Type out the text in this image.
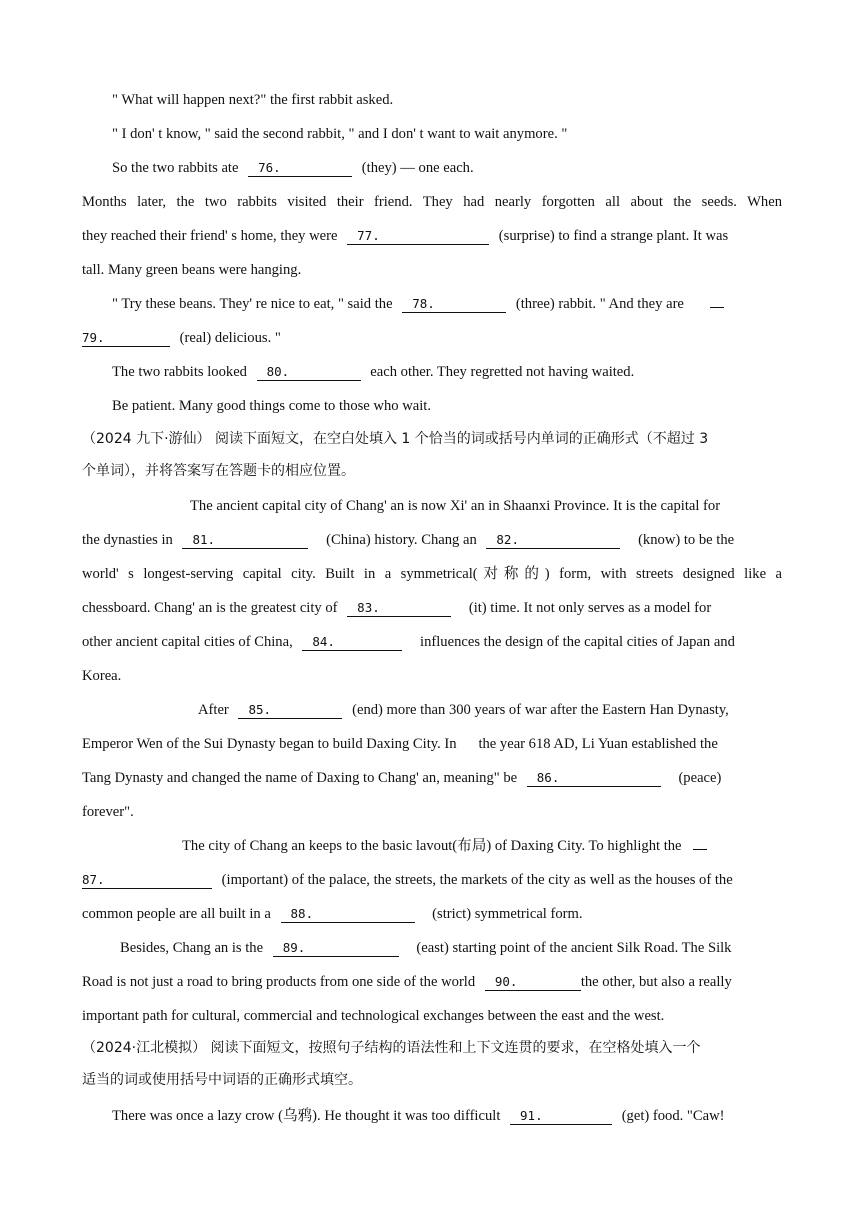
" What will happen next?" the first rabbit asked.
" I don' t know, " said the second rabbit, " and I don' t want to wait anymore. "
So the two rabbits ate 76.	(they) — one each.
Months later, the two rabbits visited their friend. They had nearly forgotten all about the seeds. When
they reached their friend' s home, they were 77.	(surprise) to find a strange plant. It was
tall. Many green beans were hanging.
" Try these beans. They' re nice to eat, " said the 78.	(three) rabbit. " And they are
79.	(real) delicious. "
The two rabbits looked 80.	each other. They regretted not having waited.
Be patient. Many good things come to those who wait.
（2024 九下·游仙） 阅读下面短文，在空白处填入 1 个恰当的词或括号内单词的正确形式（不超过 3
个单词），并将答案写在答题卡的相应位置。
The ancient capital city of Chang' an is now Xi' an in Shaanxi Province. It is the capital for
the dynasties in 81.	(China) history. Chang an 82.	(know) to be the
world' s longest-serving capital city. Built in a symmetrical(对称的) form, with streets designed like a
chessboard. Chang' an is the greatest city of 83.	(it) time. It not only serves as a model for
other ancient capital cities of China, 84.	influences the design of the capital cities of Japan and
Korea.
After 85.	(end) more than 300 years of war after the Eastern Han Dynasty,
Emperor Wen of the Sui Dynasty began to build Daxing City. In      the year 618 AD, Li Yuan established the
Tang Dynasty and changed the name of Daxing to Chang' an, meaning" be 86.	(peace)
forever".
The city of Chang an keeps to the basic lavout(布局) of Daxing City. To highlight the
87.	(important) of the palace, the streets, the markets of the city as well as the houses of the
common people are all built in a 88.	(strict) symmetrical form.
Besides, Chang an is the 89.	(east) starting point of the ancient Silk Road. The Silk
Road is not just a road to bring products from one side of the world 90.	the other, but also a really
important path for cultural, commercial and technological exchanges between the east and the west.
（2024·江北模拟） 阅读下面短文，按照句子结构的语法性和上下文连贯的要求，在空格处填入一个
适当的词或使用括号中词语的正确形式填空。
There was once a lazy crow (乌鸦). He thought it was too difficult 91.	(get) food. "Caw!
